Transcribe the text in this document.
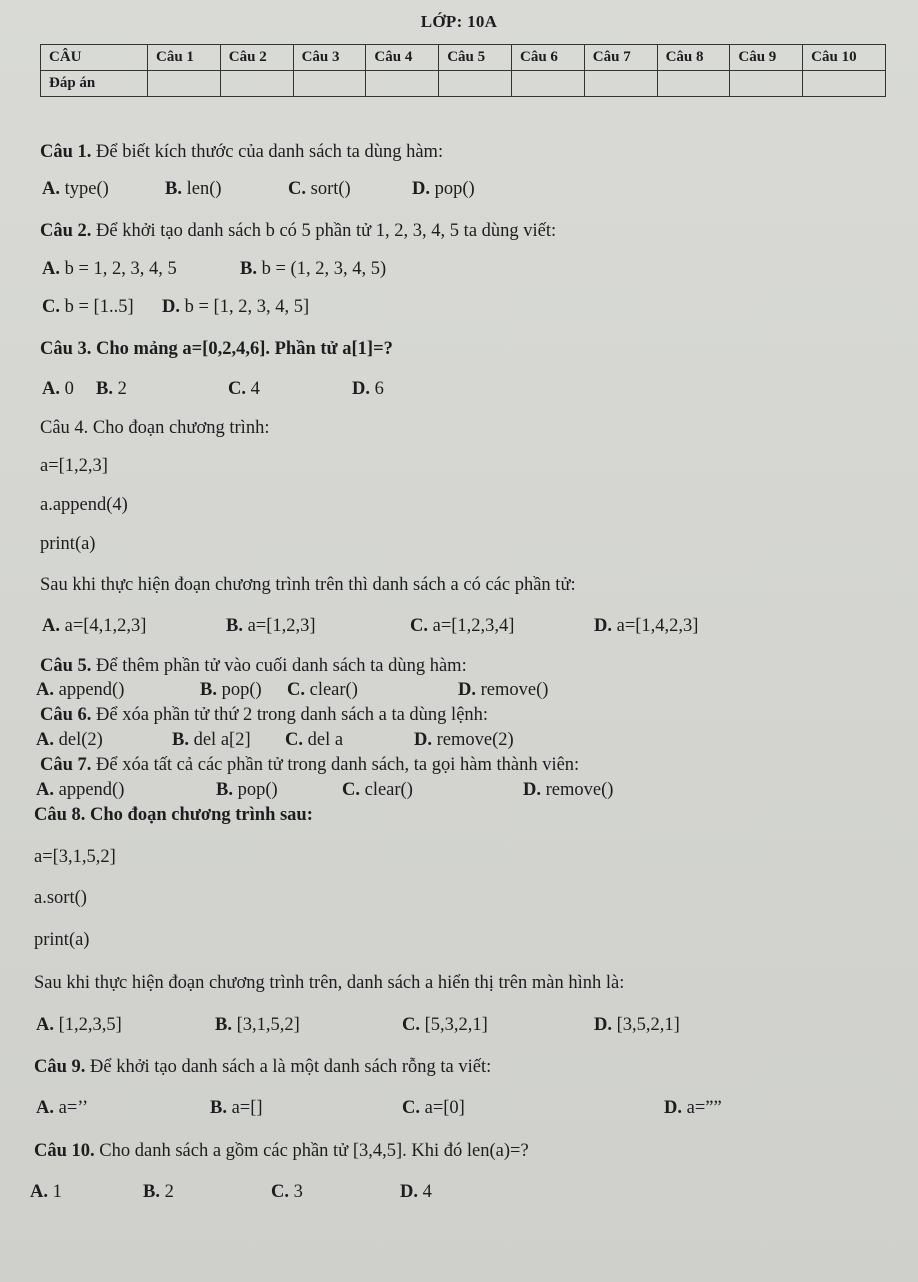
LỚP: 10A
CÂU	Câu 1	Câu 2	Câu 3	Câu 4	Câu 5	Câu 6	Câu 7	Câu 8	Câu 9	Câu 10
Đáp án										
Câu 1. Để biết kích thước của danh sách ta dùng hàm:
A. type()	B. len()	C. sort()	D. pop()
Câu 2. Để khởi tạo danh sách b có 5 phần tử 1, 2, 3, 4, 5 ta dùng viết:
A. b = 1, 2, 3, 4, 5	B. b = (1, 2, 3, 4, 5)
C. b = [1..5] D. b = [1, 2, 3, 4, 5]
Câu 3. Cho mảng a=[0,2,4,6]. Phần tử a[1]=?
A. 0 B. 2	C. 4	D. 6
Câu 4. Cho đoạn chương trình:
a=[1,2,3]
a.append(4)
print(a)
Sau khi thực hiện đoạn chương trình trên thì danh sách a có các phần tử:
A. a=[4,1,2,3]	B. a=[1,2,3]	C. a=[1,2,3,4]	D. a=[1,4,2,3]
Câu 5. Để thêm phần tử vào cuối danh sách ta dùng hàm:
A. append()	B. pop() C. clear()	D. remove()
Câu 6. Để xóa phần tử thứ 2 trong danh sách a ta dùng lệnh:
A. del(2)	B. del a[2] C. del a	D. remove(2)
Câu 7. Để xóa tất cả các phần tử trong danh sách, ta gọi hàm thành viên:
A. append()	B. pop()	C. clear()	D. remove()
Câu 8. Cho đoạn chương trình sau:
a=[3,1,5,2]
a.sort()
print(a)
Sau khi thực hiện đoạn chương trình trên, danh sách a hiển thị trên màn hình là:
A. [1,2,3,5]	B. [3,1,5,2]	C. [5,3,2,1]	D. [3,5,2,1]
Câu 9. Để khởi tạo danh sách a là một danh sách rỗng ta viết:
A. a=’’	B. a=[]	C. a=[0]	D. a=””
Câu 10. Cho danh sách a gồm các phần tử [3,4,5]. Khi đó len(a)=?
A. 1	B. 2	C. 3	D. 4
